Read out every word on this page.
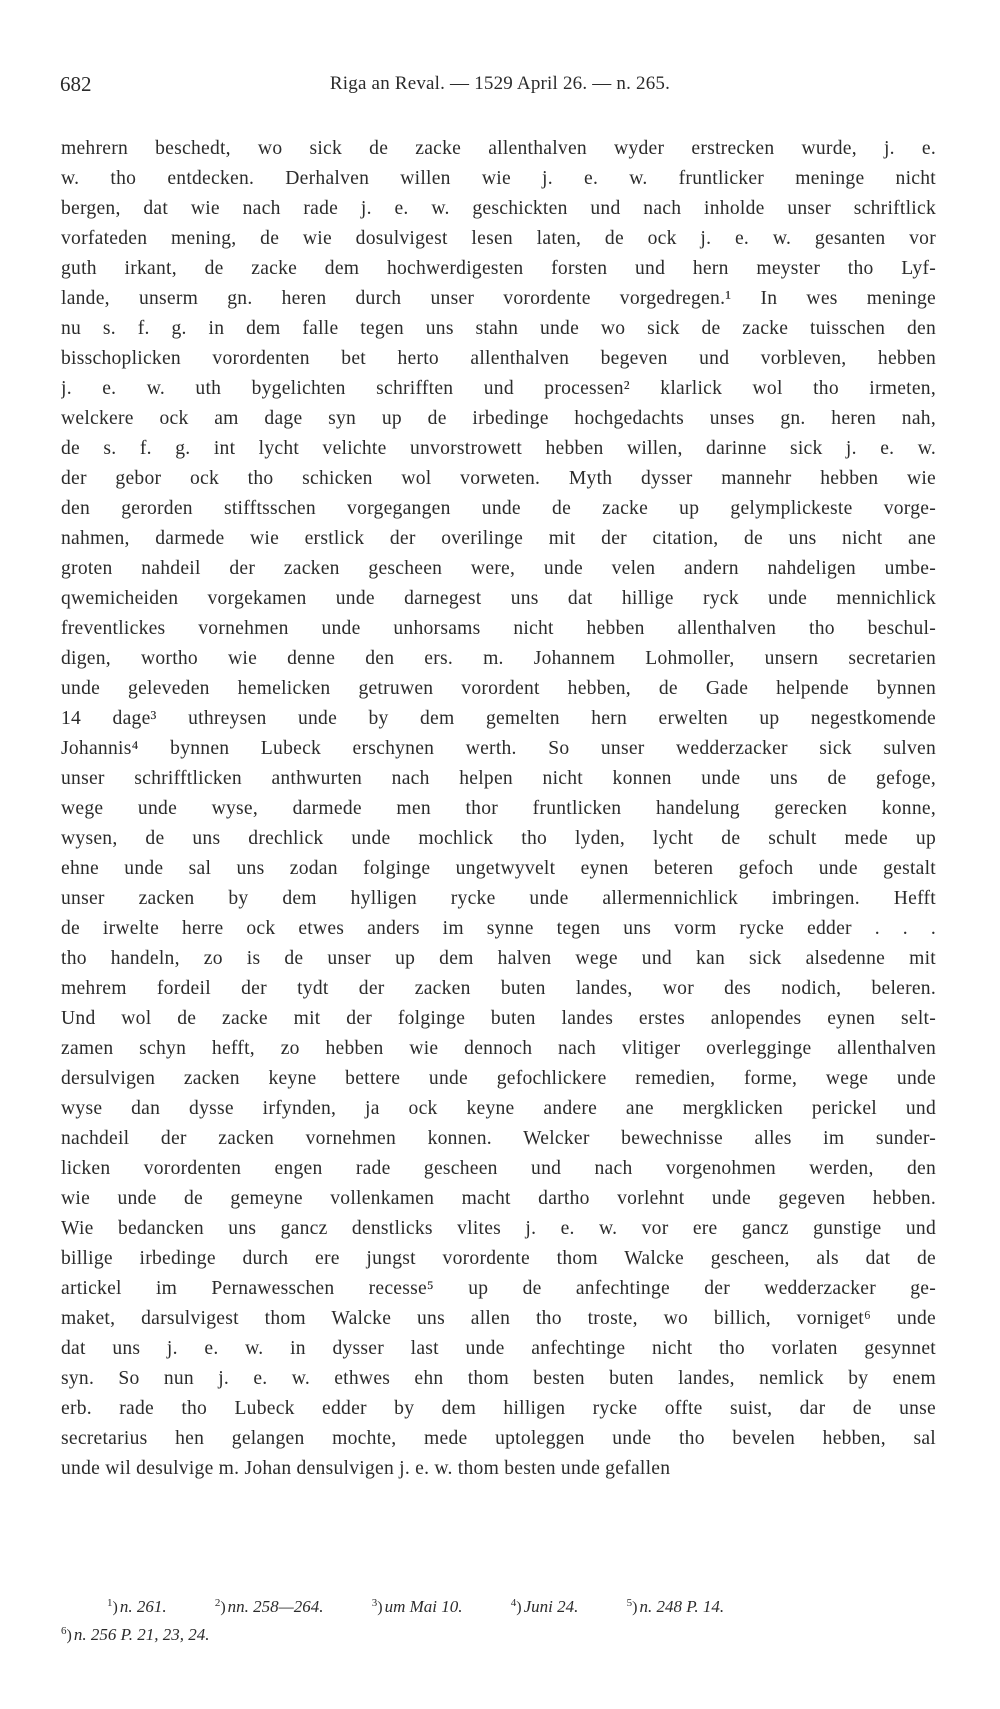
682	Riga an Reval. — 1529 April 26. — n. 265.
mehrern beschedt, wo sick de zacke allenthalven wyder erstrecken wurde, j. e.
w. tho entdecken. Derhalven willen wie j. e. w. fruntlicker meninge nicht
bergen, dat wie nach rade j. e. w. geschickten und nach inholde unser schriftlick
vorfateden mening, de wie dosulvigest lesen laten, de ock j. e. w. gesanten vor
guth irkant, de zacke dem hochwerdigesten forsten und hern meyster tho Lyf-
lande, unserm gn. heren durch unser vorordente vorgedregen.¹ In wes meninge
nu s. f. g. in dem falle tegen uns stahn unde wo sick de zacke tuisschen den
bisschoplicken vorordenten bet herto allenthalven begeven und vorbleven, hebben
j. e. w. uth bygelichten schrifften und processen² klarlick wol tho irmeten,
welckere ock am dage syn up de irbedinge hochgedachts unses gn. heren nah,
de s. f. g. int lycht velichte unvorstrowett hebben willen, darinne sick j. e. w.
der gebor ock tho schicken wol vorweten. Myth dysser mannehr hebben wie
den gerorden stifftsschen vorgegangen unde de zacke up gelymplickeste vorge-
nahmen, darmede wie erstlick der overilinge mit der citation, de uns nicht ane
groten nahdeil der zacken gescheen were, unde velen andern nahdeligen umbe-
qwemicheiden vorgekamen unde darnegest uns dat hillige ryck unde mennichlick
freventlickes vornehmen unde unhorsams nicht hebben allenthalven tho beschul-
digen, wortho wie denne den ers. m. Johannem Lohmoller, unsern secretarien
unde geleveden hemelicken getruwen vorordent hebben, de Gade helpende bynnen
14 dage³ uthreysen unde by dem gemelten hern erwelten up negestkomende
Johannis⁴ bynnen Lubeck erschynen werth. So unser wedderzacker sick sulven
unser schrifftlicken anthwurten nach helpen nicht konnen unde uns de gefoge,
wege unde wyse, darmede men thor fruntlicken handelung gerecken konne,
wysen, de uns drechlick unde mochlick tho lyden, lycht de schult mede up
ehne unde sal uns zodan folginge ungetwyvelt eynen beteren gefoch unde gestalt
unser zacken by dem hylligen rycke unde allermennichlick imbringen. Hefft
de irwelte herre ock etwes anders im synne tegen uns vorm rycke edder . . .
tho handeln, zo is de unser up dem halven wege und kan sick alsedenne mit
mehrem fordeil der tydt der zacken buten landes, wor des nodich, beleren.
Und wol de zacke mit der folginge buten landes erstes anlopendes eynen selt-
zamen schyn hefft, zo hebben wie dennoch nach vlitiger overlegginge allenthalven
dersulvigen zacken keyne bettere unde gefochlickere remedien, forme, wege unde
wyse dan dysse irfynden, ja ock keyne andere ane mergklicken perickel und
nachdeil der zacken vornehmen konnen. Welcker bewechnisse alles im sunder-
licken vorordenten engen rade gescheen und nach vorgenohmen werden, den
wie unde de gemeyne vollenkamen macht dartho vorlehnt unde gegeven hebben.
Wie bedancken uns gancz denstlicks vlites j. e. w. vor ere gancz gunstige und
billige irbedinge durch ere jungst vorordente thom Walcke gescheen, als dat de
artickel im Pernawesschen recesse⁵ up de anfechtinge der wedderzacker ge-
maket, darsulvigest thom Walcke uns allen tho troste, wo billich, vorniget⁶ unde
dat uns j. e. w. in dysser last unde anfechtinge nicht tho vorlaten gesynnet
syn. So nun j. e. w. ethwes ehn thom besten buten landes, nemlick by enem
erb. rade tho Lubeck edder by dem hilligen rycke offte suist, dar de unse
secretarius hen gelangen mochte, mede uptoleggen unde tho bevelen hebben, sal
unde wil desulvige m. Johan densulvigen j. e. w. thom besten unde gefallen
$^1$ ) n. 261.	$^2$ ) nn. 258—264.	$^3$ ) um Mai 10.	$^4$ ) Juni 24.	$^5$ ) n. 248 P. 14.
$^6$ ) n. 256 P. 21, 23, 24.
